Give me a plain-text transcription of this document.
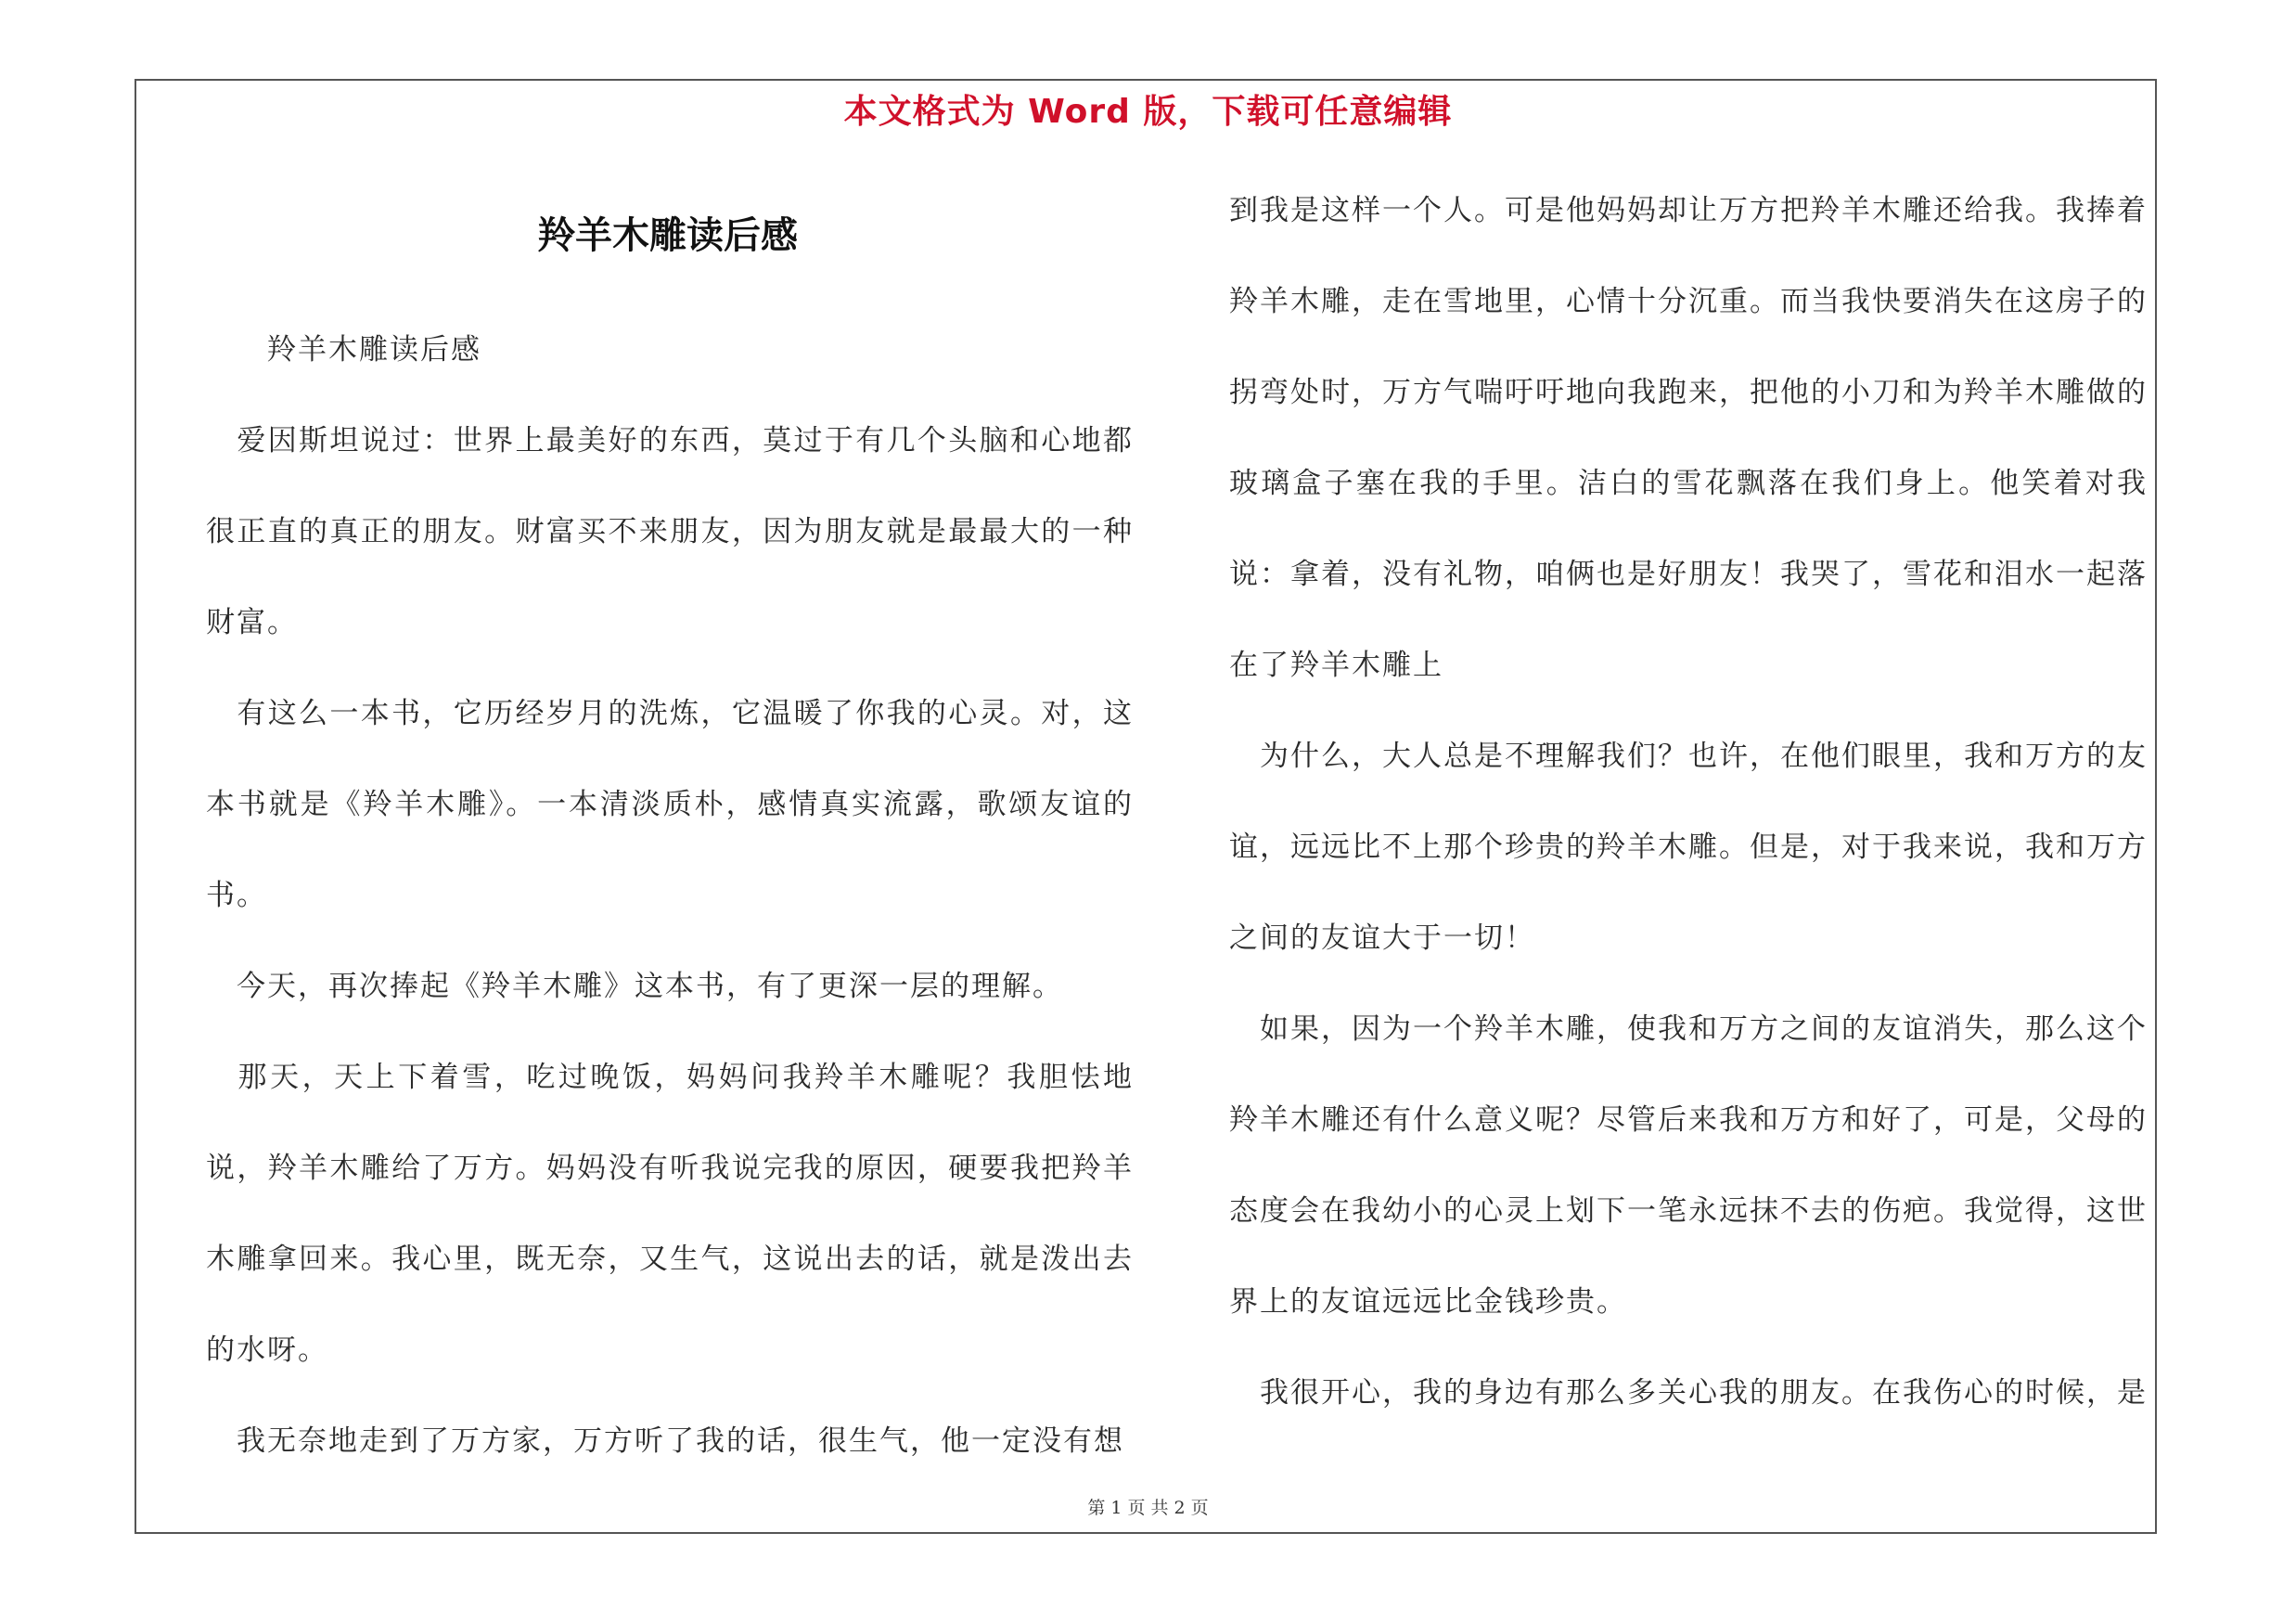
本文格式为 Word 版，下载可任意编辑
羚羊木雕读后感

　　羚羊木雕读后感

　爱因斯坦说过：世界上最美好的东西，莫过于有几个头脑和心地都很正直的真正的朋友。财富买不来朋友，因为朋友就是最最大的一种财富。

　有这么一本书，它历经岁月的洗炼，它温暖了你我的心灵。对，这本书就是《羚羊木雕》。一本清淡质朴，感情真实流露，歌颂友谊的书。

　今天，再次捧起《羚羊木雕》这本书，有了更深一层的理解。

　那天，天上下着雪，吃过晚饭，妈妈问我羚羊木雕呢？我胆怯地说，羚羊木雕给了万方。妈妈没有听我说完我的原因，硬要我把羚羊木雕拿回来。我心里，既无奈，又生气，这说出去的话，就是泼出去的水呀。

　我无奈地走到了万方家，万方听了我的话，很生气，他一定没有想

到我是这样一个人。可是他妈妈却让万方把羚羊木雕还给我。我捧着羚羊木雕，走在雪地里，心情十分沉重。而当我快要消失在这房子的拐弯处时，万方气喘吁吁地向我跑来，把他的小刀和为羚羊木雕做的玻璃盒子塞在我的手里。洁白的雪花飘落在我们身上。他笑着对我说：拿着，没有礼物，咱俩也是好朋友！我哭了，雪花和泪水一起落在了羚羊木雕上

　为什么，大人总是不理解我们？也许，在他们眼里，我和万方的友谊，远远比不上那个珍贵的羚羊木雕。但是，对于我来说，我和万方之间的友谊大于一切！

　如果，因为一个羚羊木雕，使我和万方之间的友谊消失，那么这个羚羊木雕还有什么意义呢？尽管后来我和万方和好了，可是，父母的态度会在我幼小的心灵上划下一笔永远抹不去的伤疤。我觉得，这世界上的友谊远远比金钱珍贵。

　我很开心，我的身边有那么多关心我的朋友。在我伤心的时候，是

第 1 页 共 2 页
